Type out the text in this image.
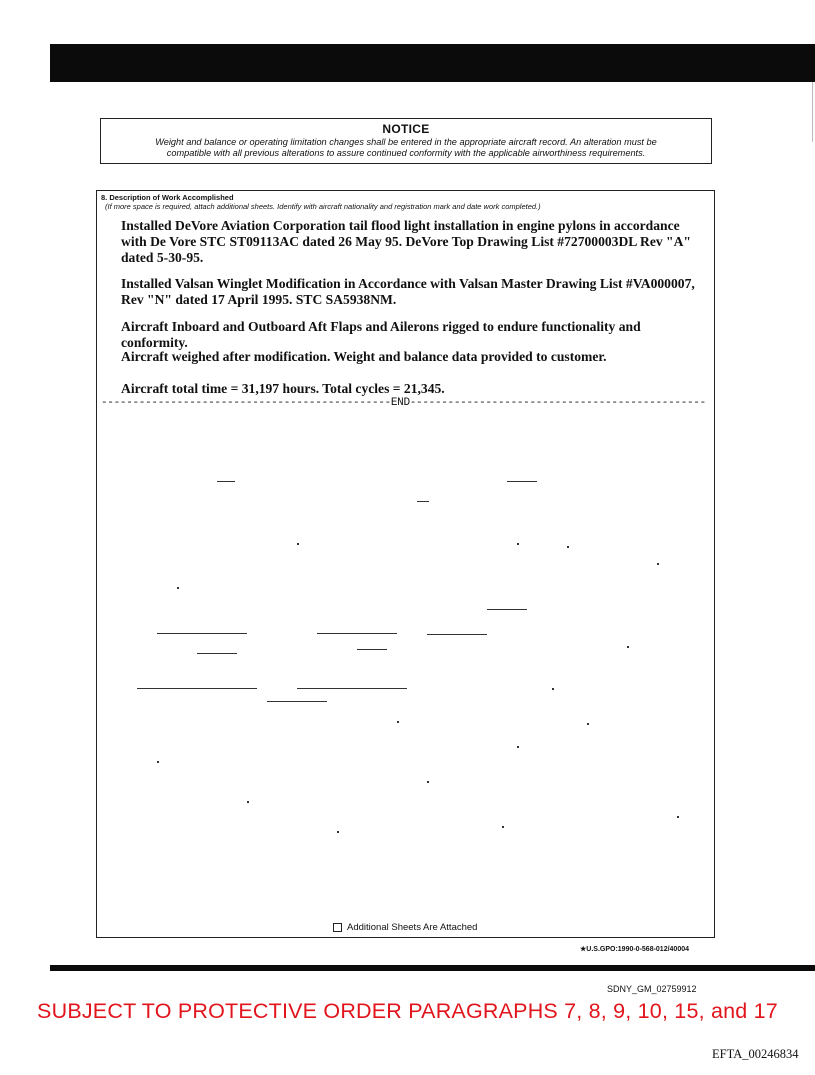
NOTICE
Weight and balance or operating limitation changes shall be entered in the appropriate aircraft record. An alteration must be
compatible with all previous alterations to assure continued conformity with the applicable airworthiness requirements.
8. Description of Work Accomplished
(If more space is required, attach additional sheets. Identify with aircraft nationality and registration mark and date work completed.)
Installed DeVore Aviation Corporation tail flood light installation in engine pylons in accordance with De Vore STC ST09113AC dated 26 May 95. DeVore Top Drawing List #72700003DL Rev "A" dated 5-30-95.
Installed Valsan Winglet Modification in Accordance with Valsan Master Drawing List #VA000007, Rev "N" dated 17 April 1995. STC SA5938NM.
Aircraft Inboard and Outboard Aft Flaps and Ailerons rigged to endure functionality and conformity.
Aircraft weighed after modification. Weight and balance data provided to customer.
Aircraft total time = 31,197 hours. Total cycles = 21,345.
----------------------------------------------END-----------------------------------------------
Additional Sheets Are Attached
★U.S.GPO:1990-0-568-012/40004
SDNY_GM_02759912
SUBJECT TO PROTECTIVE ORDER PARAGRAPHS 7, 8, 9, 10, 15, and 17
EFTA_00246834
